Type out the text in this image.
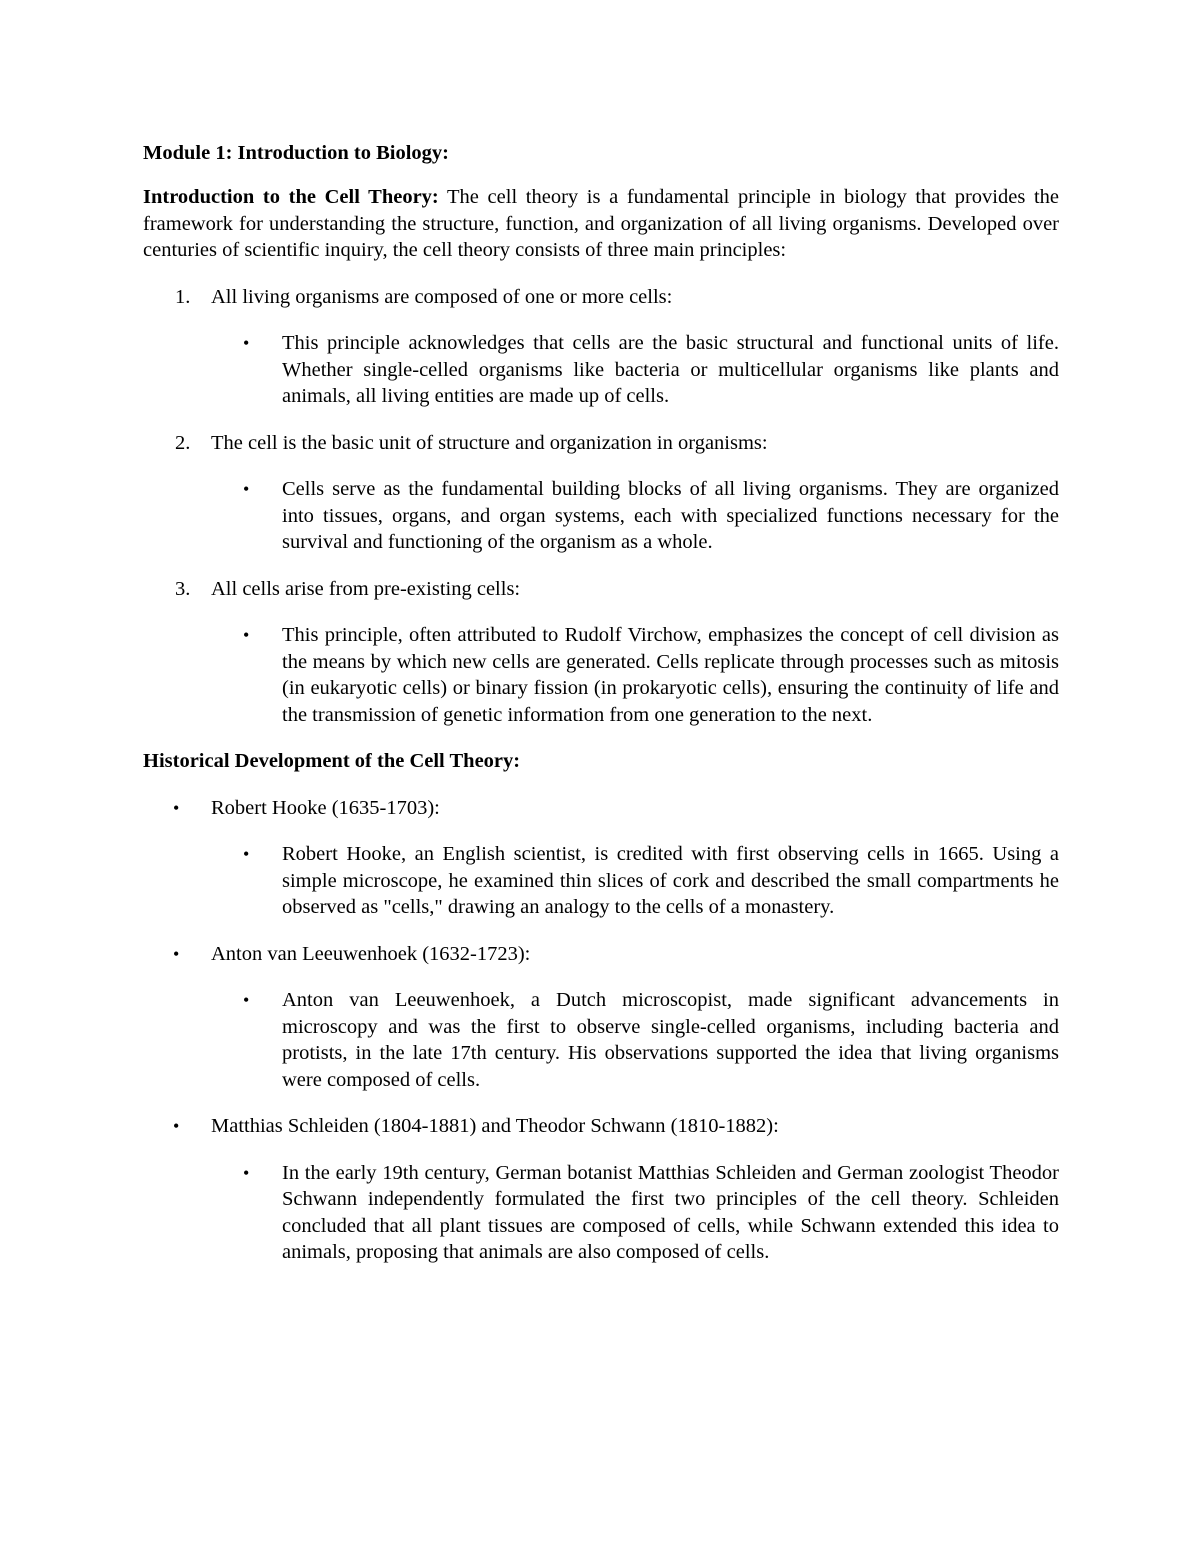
Module 1: Introduction to Biology:
Introduction to the Cell Theory: The cell theory is a fundamental principle in biology that provides the framework for understanding the structure, function, and organization of all living organisms. Developed over centuries of scientific inquiry, the cell theory consists of three main principles:
1. All living organisms are composed of one or more cells:
• This principle acknowledges that cells are the basic structural and functional units of life. Whether single-celled organisms like bacteria or multicellular organisms like plants and animals, all living entities are made up of cells.
2. The cell is the basic unit of structure and organization in organisms:
• Cells serve as the fundamental building blocks of all living organisms. They are organized into tissues, organs, and organ systems, each with specialized functions necessary for the survival and functioning of the organism as a whole.
3. All cells arise from pre-existing cells:
• This principle, often attributed to Rudolf Virchow, emphasizes the concept of cell division as the means by which new cells are generated. Cells replicate through processes such as mitosis (in eukaryotic cells) or binary fission (in prokaryotic cells), ensuring the continuity of life and the transmission of genetic information from one generation to the next.
Historical Development of the Cell Theory:
• Robert Hooke (1635-1703):
• Robert Hooke, an English scientist, is credited with first observing cells in 1665. Using a simple microscope, he examined thin slices of cork and described the small compartments he observed as "cells," drawing an analogy to the cells of a monastery.
• Anton van Leeuwenhoek (1632-1723):
• Anton van Leeuwenhoek, a Dutch microscopist, made significant advancements in microscopy and was the first to observe single-celled organisms, including bacteria and protists, in the late 17th century. His observations supported the idea that living organisms were composed of cells.
• Matthias Schleiden (1804-1881) and Theodor Schwann (1810-1882):
• In the early 19th century, German botanist Matthias Schleiden and German zoologist Theodor Schwann independently formulated the first two principles of the cell theory. Schleiden concluded that all plant tissues are composed of cells, while Schwann extended this idea to animals, proposing that animals are also composed of cells.
